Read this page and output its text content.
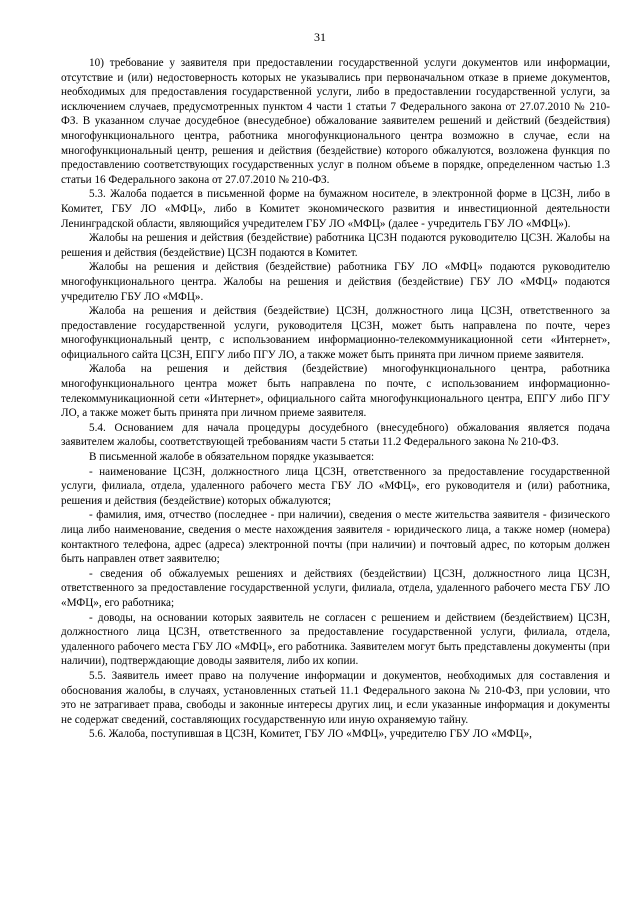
31

10) требование у заявителя при предоставлении государственной услуги документов или информации, отсутствие и (или) недостоверность которых не указывались при первоначальном отказе в приеме документов, необходимых для предоставления государственной услуги, либо в предоставлении государственной услуги, за исключением случаев, предусмотренных пунктом 4 части 1 статьи 7 Федерального закона от 27.07.2010 № 210-ФЗ. В указанном случае досудебное (внесудебное) обжалование заявителем решений и действий (бездействия) многофункционального центра, работника многофункционального центра возможно в случае, если на многофункциональный центр, решения и действия (бездействие) которого обжалуются, возложена функция по предоставлению соответствующих государственных услуг в полном объеме в порядке, определенном частью 1.3 статьи 16 Федерального закона от 27.07.2010 № 210-ФЗ.

5.3. Жалоба подается в письменной форме на бумажном носителе, в электронной форме в ЦСЗН, либо в Комитет, ГБУ ЛО «МФЦ», либо в Комитет экономического развития и инвестиционной деятельности Ленинградской области, являющийся учредителем ГБУ ЛО «МФЦ» (далее - учредитель ГБУ ЛО «МФЦ»).

Жалобы на решения и действия (бездействие) работника ЦСЗН подаются руководителю ЦСЗН. Жалобы на решения и действия (бездействие) ЦСЗН подаются в Комитет.

Жалобы на решения и действия (бездействие) работника ГБУ ЛО «МФЦ» подаются руководителю многофункционального центра. Жалобы на решения и действия (бездействие) ГБУ ЛО «МФЦ» подаются учредителю ГБУ ЛО «МФЦ».

Жалоба на решения и действия (бездействие) ЦСЗН, должностного лица ЦСЗН, ответственного за предоставление государственной услуги, руководителя ЦСЗН, может быть направлена по почте, через многофункциональный центр, с использованием информационно-телекоммуникационной сети «Интернет», официального сайта ЦСЗН, ЕПГУ либо ПГУ ЛО, а также может быть принята при личном приеме заявителя.

Жалоба на решения и действия (бездействие) многофункционального центра, работника многофункционального центра может быть направлена по почте, с использованием информационно-телекоммуникационной сети «Интернет», официального сайта многофункционального центра, ЕПГУ либо ПГУ ЛО, а также может быть принята при личном приеме заявителя.

5.4. Основанием для начала процедуры досудебного (внесудебного) обжалования является подача заявителем жалобы, соответствующей требованиям части 5 статьи 11.2 Федерального закона № 210-ФЗ.

В письменной жалобе в обязательном порядке указывается:

- наименование ЦСЗН, должностного лица ЦСЗН, ответственного за предоставление государственной услуги, филиала, отдела, удаленного рабочего места ГБУ ЛО «МФЦ», его руководителя и (или) работника, решения и действия (бездействие) которых обжалуются;

- фамилия, имя, отчество (последнее - при наличии), сведения о месте жительства заявителя - физического лица либо наименование, сведения о месте нахождения заявителя - юридического лица, а также номер (номера) контактного телефона, адрес (адреса) электронной почты (при наличии) и почтовый адрес, по которым должен быть направлен ответ заявителю;

- сведения об обжалуемых решениях и действиях (бездействии) ЦСЗН, должностного лица ЦСЗН, ответственного за предоставление государственной услуги, филиала, отдела, удаленного рабочего места ГБУ ЛО «МФЦ», его работника;

- доводы, на основании которых заявитель не согласен с решением и действием (бездействием) ЦСЗН, должностного лица ЦСЗН, ответственного за предоставление государственной услуги, филиала, отдела, удаленного рабочего места ГБУ ЛО «МФЦ», его работника. Заявителем могут быть представлены документы (при наличии), подтверждающие доводы заявителя, либо их копии.

5.5. Заявитель имеет право на получение информации и документов, необходимых для составления и обоснования жалобы, в случаях, установленных статьей 11.1 Федерального закона № 210-ФЗ, при условии, что это не затрагивает права, свободы и законные интересы других лиц, и если указанные информация и документы не содержат сведений, составляющих государственную или иную охраняемую тайну.

5.6. Жалоба, поступившая в ЦСЗН, Комитет, ГБУ ЛО «МФЦ», учредителю ГБУ ЛО «МФЦ»,
